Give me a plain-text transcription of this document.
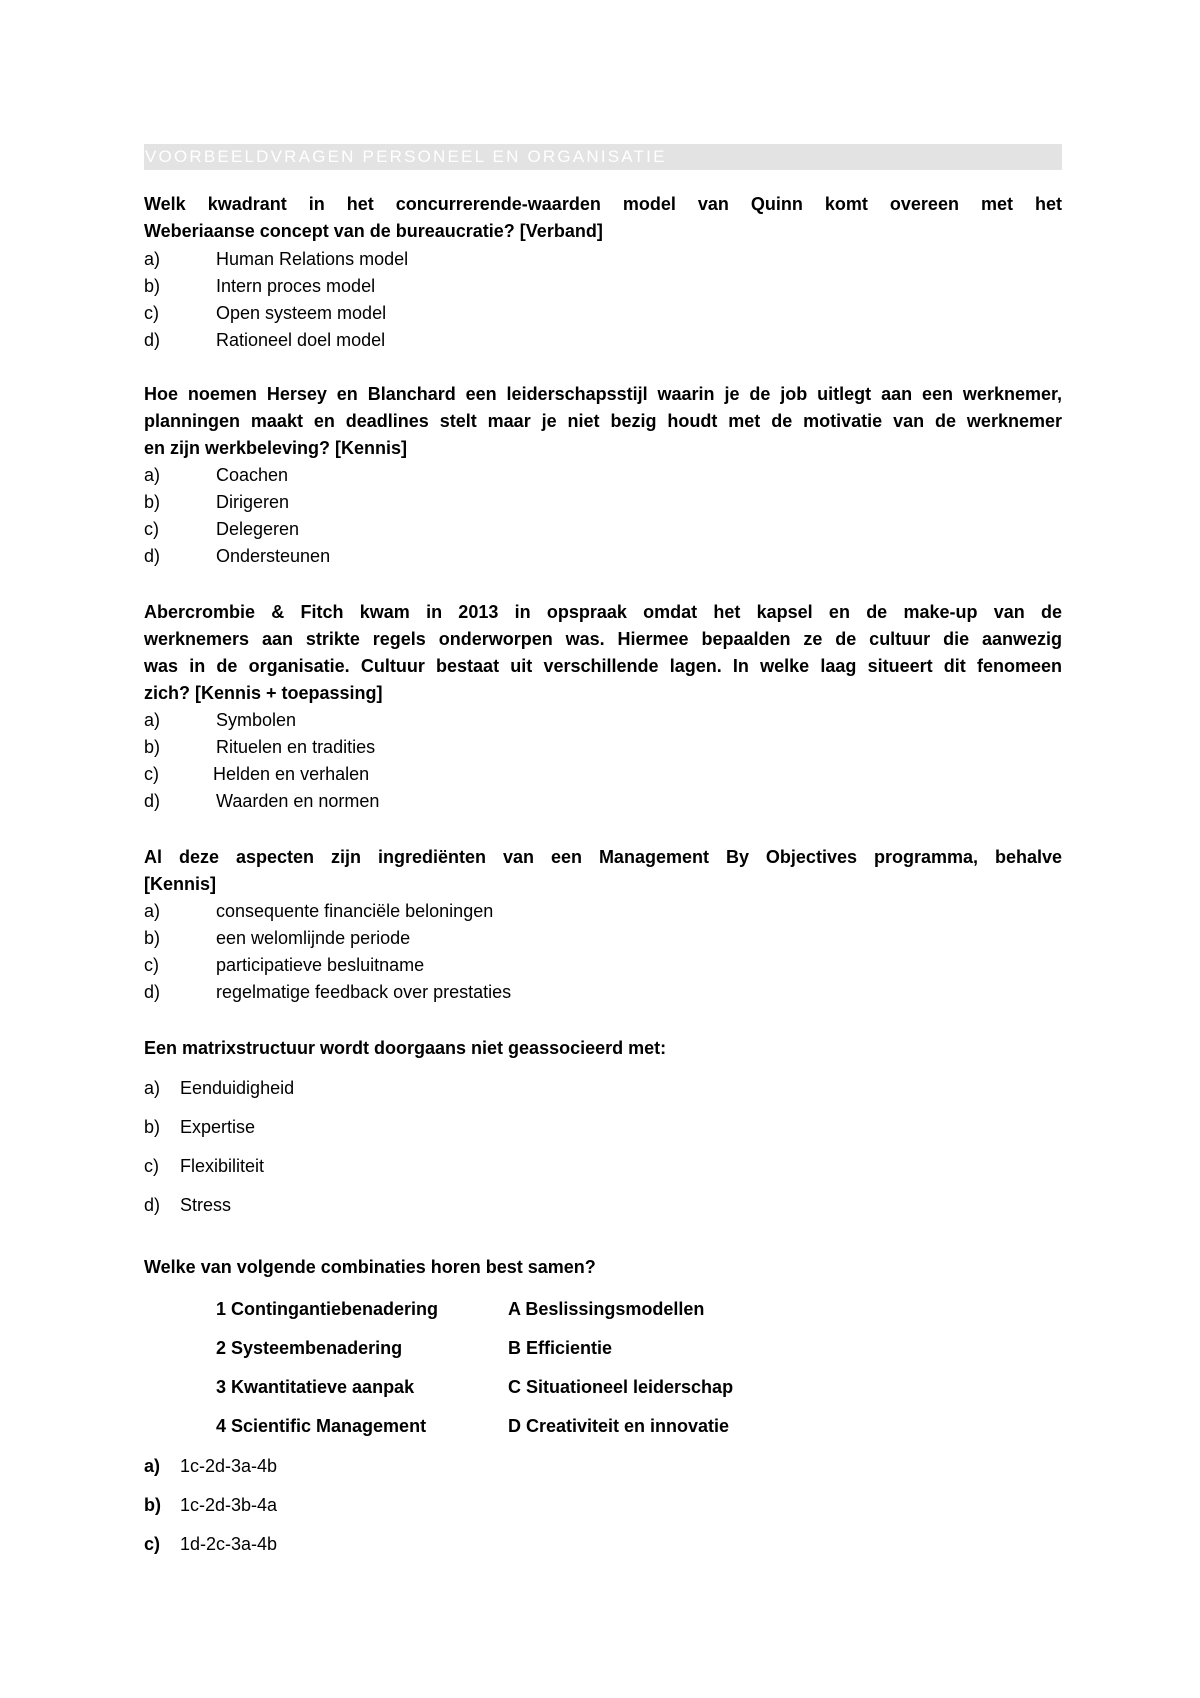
VOORBEELDVRAGEN PERSONEEL EN ORGANISATIE
Welk kwadrant in het concurrerende-waarden model van Quinn komt overeen met het
Weberiaanse concept van de bureaucratie? [Verband]
a)	Human Relations model
b)	Intern proces model
c)	Open systeem model
d)	Rationeel doel model
Hoe noemen Hersey en Blanchard een leiderschapsstijl waarin je de job uitlegt aan een werknemer,
planningen maakt en deadlines stelt maar je niet bezig houdt met de motivatie van de werknemer
en zijn werkbeleving? [Kennis]
a)	Coachen
b)	Dirigeren
c)	Delegeren
d)	Ondersteunen
Abercrombie & Fitch kwam in 2013 in opspraak omdat het kapsel en de make-up van de
werknemers aan strikte regels onderworpen was. Hiermee bepaalden ze de cultuur die aanwezig
was in de organisatie. Cultuur bestaat uit verschillende lagen. In welke laag situeert dit fenomeen
zich? [Kennis + toepassing]
a)	Symbolen
b)	Rituelen en tradities
c)	Helden en verhalen
d)	Waarden en normen
Al deze aspecten zijn ingrediënten van een Management By Objectives programma, behalve
[Kennis]
a)	consequente financiële beloningen
b)	een welomlijnde periode
c)	participatieve besluitname
d)	regelmatige feedback over prestaties
Een matrixstructuur wordt doorgaans niet geassocieerd met:
a) Eenduidigheid
b) Expertise
c) Flexibiliteit
d) Stress
Welke van volgende combinaties horen best samen?
1 Contingantiebenadering	A Beslissingsmodellen
2 Systeembenadering	B Efficientie
3 Kwantitatieve aanpak	C Situationeel leiderschap
4 Scientific Management	D Creativiteit en innovatie
a) 1c-2d-3a-4b
b) 1c-2d-3b-4a
c) 1d-2c-3a-4b
